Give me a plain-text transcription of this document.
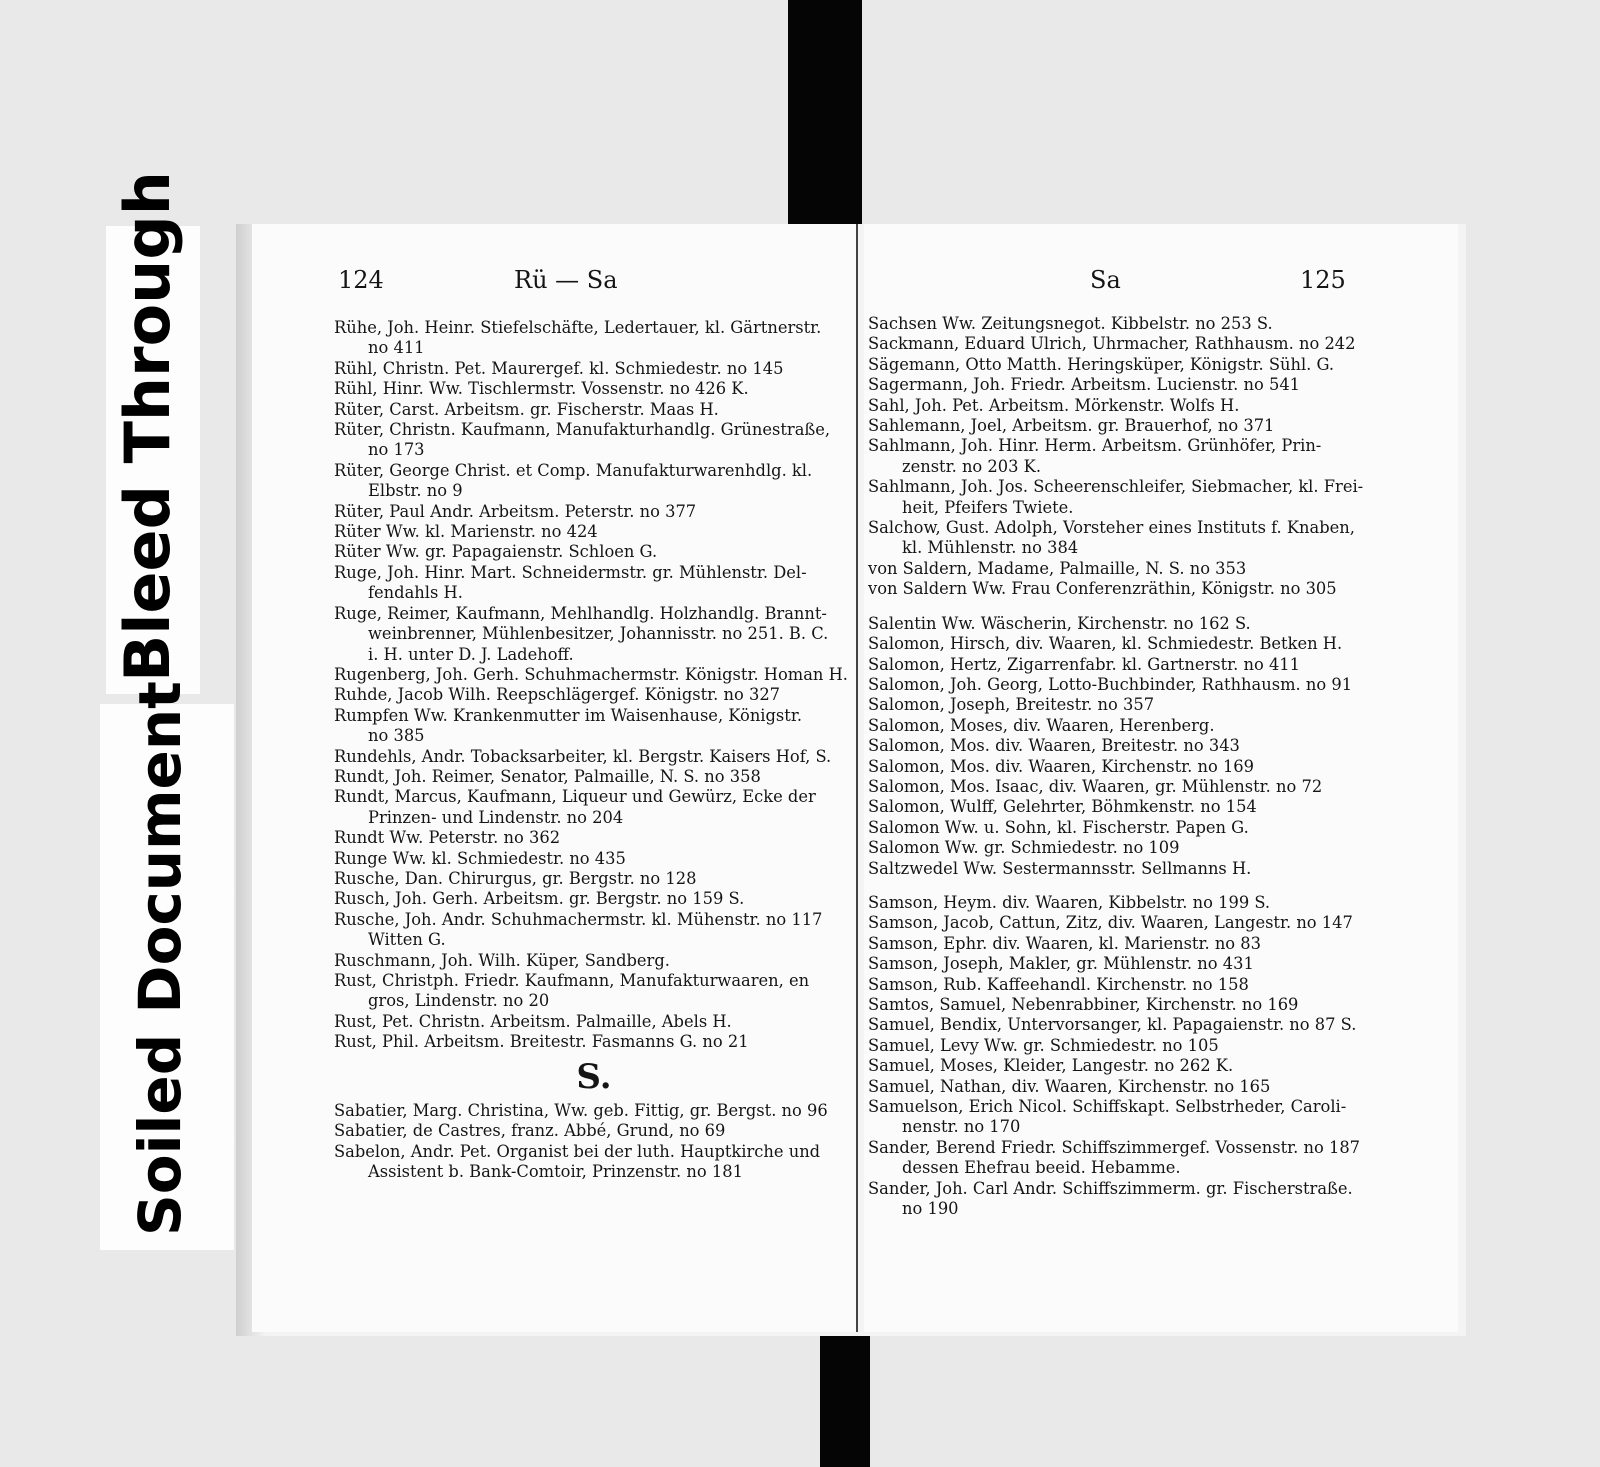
Bleed Through
Soiled Document
124	Rü — Sa
Rühe, Joh. Heinr. Stiefelschäfte, Ledertauer, kl. Gärtnerstr.
no 411
Rühl, Christn. Pet. Maurergef. kl. Schmiedestr. no 145
Rühl, Hinr. Ww. Tischlermstr. Vossenstr. no 426 K.
Rüter, Carst. Arbeitsm. gr. Fischerstr. Maas H.
Rüter, Christn. Kaufmann, Manufakturhandlg. Grünestraße,
no 173
Rüter, George Christ. et Comp. Manufakturwarenhdlg. kl.
Elbstr. no 9
Rüter, Paul Andr. Arbeitsm. Peterstr. no 377
Rüter Ww. kl. Marienstr. no 424
Rüter Ww. gr. Papagaienstr. Schloen G.
Ruge, Joh. Hinr. Mart. Schneidermstr. gr. Mühlenstr. Del-
fendahls H.
Ruge, Reimer, Kaufmann, Mehlhandlg. Holzhandlg. Brannt-
weinbrenner, Mühlenbesitzer, Johannisstr. no 251. B. C.
i. H. unter D. J. Ladehoff.
Rugenberg, Joh. Gerh. Schuhmachermstr. Königstr. Homan H.
Ruhde, Jacob Wilh. Reepschlägergef. Königstr. no 327
Rumpfen Ww. Krankenmutter im Waisenhause, Königstr.
no 385
Rundehls, Andr. Tobacksarbeiter, kl. Bergstr. Kaisers Hof, S.
Rundt, Joh. Reimer, Senator, Palmaille, N. S. no 358
Rundt, Marcus, Kaufmann, Liqueur und Gewürz, Ecke der
Prinzen- und Lindenstr. no 204
Rundt Ww. Peterstr. no 362
Runge Ww. kl. Schmiedestr. no 435
Rusche, Dan. Chirurgus, gr. Bergstr. no 128
Rusch, Joh. Gerh. Arbeitsm. gr. Bergstr. no 159 S.
Rusche, Joh. Andr. Schuhmachermstr. kl. Mühenstr. no 117
Witten G.
Ruschmann, Joh. Wilh. Küper, Sandberg.
Rust, Christph. Friedr. Kaufmann, Manufakturwaaren, en
gros, Lindenstr. no 20
Rust, Pet. Christn. Arbeitsm. Palmaille, Abels H.
Rust, Phil. Arbeitsm. Breitestr. Fasmanns G. no 21
S.
Sabatier, Marg. Christina, Ww. geb. Fittig, gr. Bergst. no 96
Sabatier, de Castres, franz. Abbé, Grund, no 69
Sabelon, Andr. Pet. Organist bei der luth. Hauptkirche und
Assistent b. Bank-Comtoir, Prinzenstr. no 181
Sa	125
Sachsen Ww. Zeitungsnegot. Kibbelstr. no 253 S.
Sackmann, Eduard Ulrich, Uhrmacher, Rathhausm. no 242
Sägemann, Otto Matth. Heringsküper, Königstr. Sühl. G.
Sagermann, Joh. Friedr. Arbeitsm. Lucienstr. no 541
Sahl, Joh. Pet. Arbeitsm. Mörkenstr. Wolfs H.
Sahlemann, Joel, Arbeitsm. gr. Brauerhof, no 371
Sahlmann, Joh. Hinr. Herm. Arbeitsm. Grünhöfer, Prin-
zenstr. no 203 K.
Sahlmann, Joh. Jos. Scheerenschleifer, Siebmacher, kl. Frei-
heit, Pfeifers Twiete.
Salchow, Gust. Adolph, Vorsteher eines Instituts f. Knaben,
kl. Mühlenstr. no 384
von Saldern, Madame, Palmaille, N. S. no 353
von Saldern Ww. Frau Conferenzräthin, Königstr. no 305
Salentin Ww. Wäscherin, Kirchenstr. no 162 S.
Salomon, Hirsch, div. Waaren, kl. Schmiedestr. Betken H.
Salomon, Hertz, Zigarrenfabr. kl. Gartnerstr. no 411
Salomon, Joh. Georg, Lotto-Buchbinder, Rathhausm. no 91
Salomon, Joseph, Breitestr. no 357
Salomon, Moses, div. Waaren, Herenberg.
Salomon, Mos. div. Waaren, Breitestr. no 343
Salomon, Mos. div. Waaren, Kirchenstr. no 169
Salomon, Mos. Isaac, div. Waaren, gr. Mühlenstr. no 72
Salomon, Wulff, Gelehrter, Böhmkenstr. no 154
Salomon Ww. u. Sohn, kl. Fischerstr. Papen G.
Salomon Ww. gr. Schmiedestr. no 109
Saltzwedel Ww. Sestermannsstr. Sellmanns H.
Samson, Heym. div. Waaren, Kibbelstr. no 199 S.
Samson, Jacob, Cattun, Zitz, div. Waaren, Langestr. no 147
Samson, Ephr. div. Waaren, kl. Marienstr. no 83
Samson, Joseph, Makler, gr. Mühlenstr. no 431
Samson, Rub. Kaffeehandl. Kirchenstr. no 158
Samtos, Samuel, Nebenrabbiner, Kirchenstr. no 169
Samuel, Bendix, Untervorsanger, kl. Papagaienstr. no 87 S.
Samuel, Levy Ww. gr. Schmiedestr. no 105
Samuel, Moses, Kleider, Langestr. no 262 K.
Samuel, Nathan, div. Waaren, Kirchenstr. no 165
Samuelson, Erich Nicol. Schiffskapt. Selbstrheder, Caroli-
nenstr. no 170
Sander, Berend Friedr. Schiffszimmergef. Vossenstr. no 187
dessen Ehefrau beeid. Hebamme.
Sander, Joh. Carl Andr. Schiffszimmerm. gr. Fischerstraße.
no 190
